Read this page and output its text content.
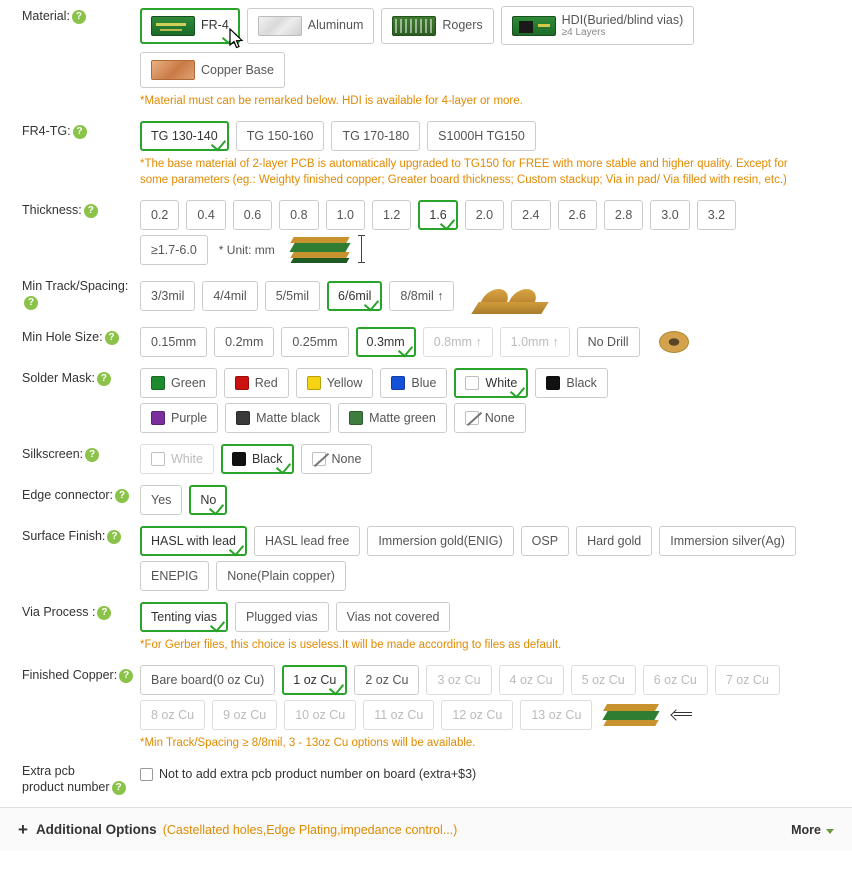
Material: ?
FR-4	Aluminum	Rogers	HDI(Buried/blind vias)
≥4 Layers
Copper Base
*Material must can be remarked below. HDI is available for 4-layer or more.
FR4-TG: ?	TG 130-140 TG 150-160 TG 170-180 S1000H TG150
*The base material of 2-layer PCB is automatically upgraded to TG150 for FREE with more stable and higher quality. Except for some parameters (eg.: Weighty finished copper; Greater board thickness; Custom stackup; Via in pad/ Via filled with resin, etc.)
Thickness: ?	0.2 0.4 0.6 0.8 1.0 1.2 1.6 2.0 2.4 2.6 2.8 3.0 3.2
≥1.7-6.0 * Unit: mm
Min Track/Spacing:?	3/3mil 4/4mil 5/5mil 6/6mil 8/8mil ↑
Min Hole Size: ?	0.15mm 0.2mm 0.25mm 0.3mm 0.8mm ↑ 1.0mm ↑ No Drill
Solder Mask: ?	Green	Red	Yellow	Blue	White	Black
Purple	Matte black	Matte green	None
Silkscreen: ?	White	Black	None
Edge connector: ?	Yes No
Surface Finish: ?	HASL with lead HASL lead free Immersion gold(ENIG) OSP Hard gold Immersion silver(Ag)
ENEPIG None(Plain copper)
Via Process : ?	Tenting vias Plugged vias Vias not covered
*For Gerber files, this choice is useless.It will be made according to files as default.
Finished Copper: ?	Bare board(0 oz Cu) 1 oz Cu 2 oz Cu 3 oz Cu 4 oz Cu 5 oz Cu 6 oz Cu 7 oz Cu
8 oz Cu 9 oz Cu 10 oz Cu 11 oz Cu 12 oz Cu 13 oz Cu
*Min Track/Spacing ≥ 8/8mil, 3 - 13oz Cu options will be available.
Extra pcb
product number ?
Not to add extra pcb product number on board (extra+$3)
+ Additional Options (Castellated holes,Edge Plating,impedance control...)	More
